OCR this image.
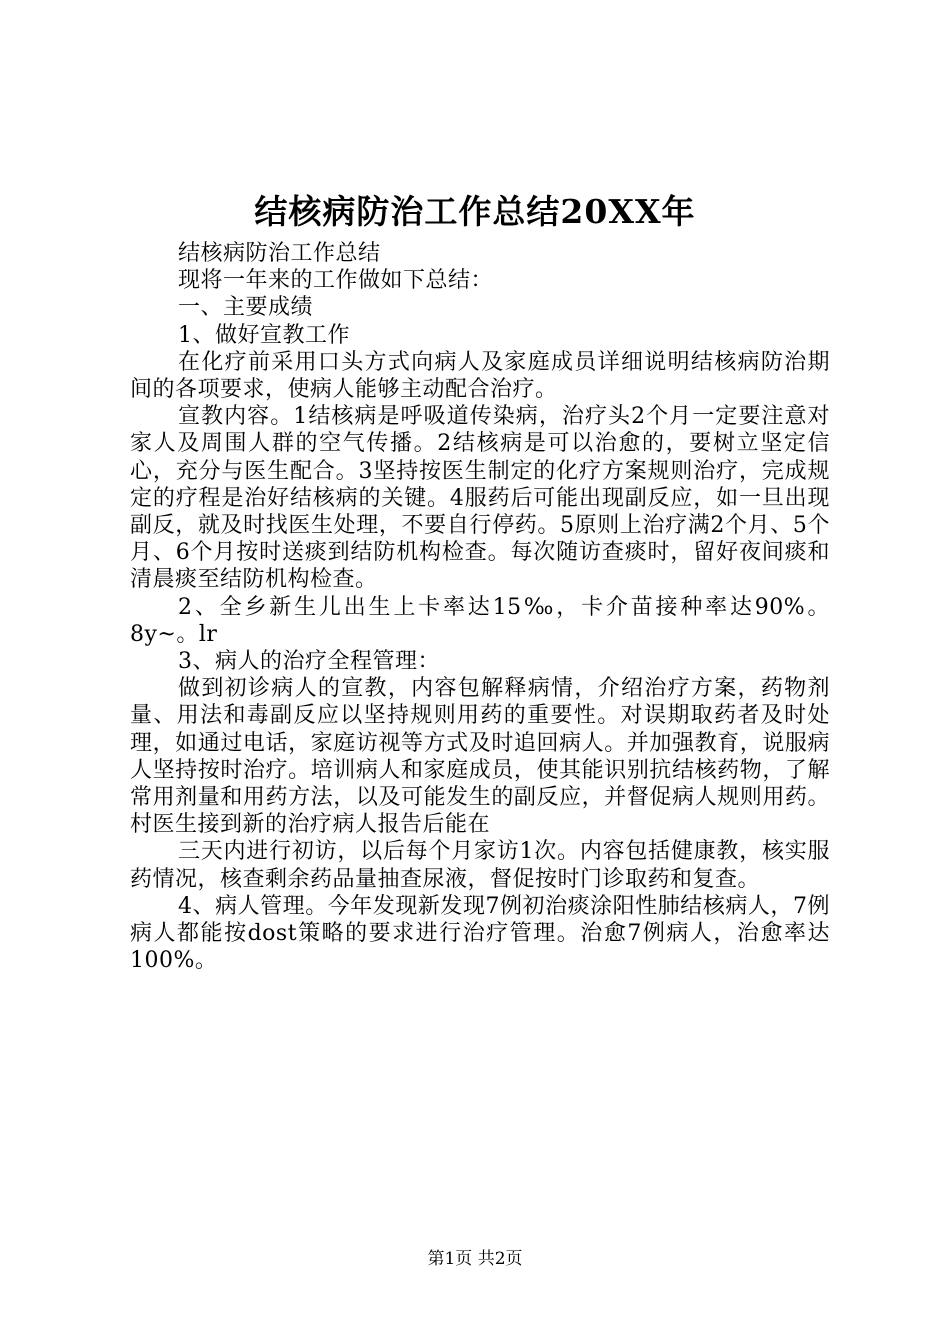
结核病防治工作总结20XX年

结核病防治工作总结

现将一年来的工作做如下总结：

一、主要成绩

1、做好宣教工作

在化疗前采用口头方式向病人及家庭成员详细说明结核病防治期间的各项要求，使病人能够主动配合治疗。

宣教内容。1结核病是呼吸道传染病，治疗头2个月一定要注意对家人及周围人群的空气传播。2结核病是可以治愈的，要树立坚定信心，充分与医生配合。3坚持按医生制定的化疗方案规则治疗，完成规定的疗程是治好结核病的关键。4服药后可能出现副反应，如一旦出现副反，就及时找医生处理，不要自行停药。5原则上治疗满2个月、5个月、6个月按时送痰到结防机构检查。每次随访查痰时，留好夜间痰和清晨痰至结防机构检查。

2、全乡新生儿出生上卡率达15‰，卡介苗接种率达90%。8y~。lr

3、病人的治疗全程管理：

做到初诊病人的宣教，内容包解释病情，介绍治疗方案，药物剂量、用法和毒副反应以坚持规则用药的重要性。对误期取药者及时处理，如通过电话，家庭访视等方式及时追回病人。并加强教育，说服病人坚持按时治疗。培训病人和家庭成员，使其能识别抗结核药物，了解常用剂量和用药方法，以及可能发生的副反应，并督促病人规则用药。村医生接到新的治疗病人报告后能在

三天内进行初访，以后每个月家访1次。内容包括健康教，核实服药情况，核查剩余药品量抽查尿液，督促按时门诊取药和复查。

4、病人管理。今年发现新发现7例初治痰涂阳性肺结核病人，7例病人都能按dost策略的要求进行治疗管理。治愈7例病人，治愈率达100%。

第1页 共2页
